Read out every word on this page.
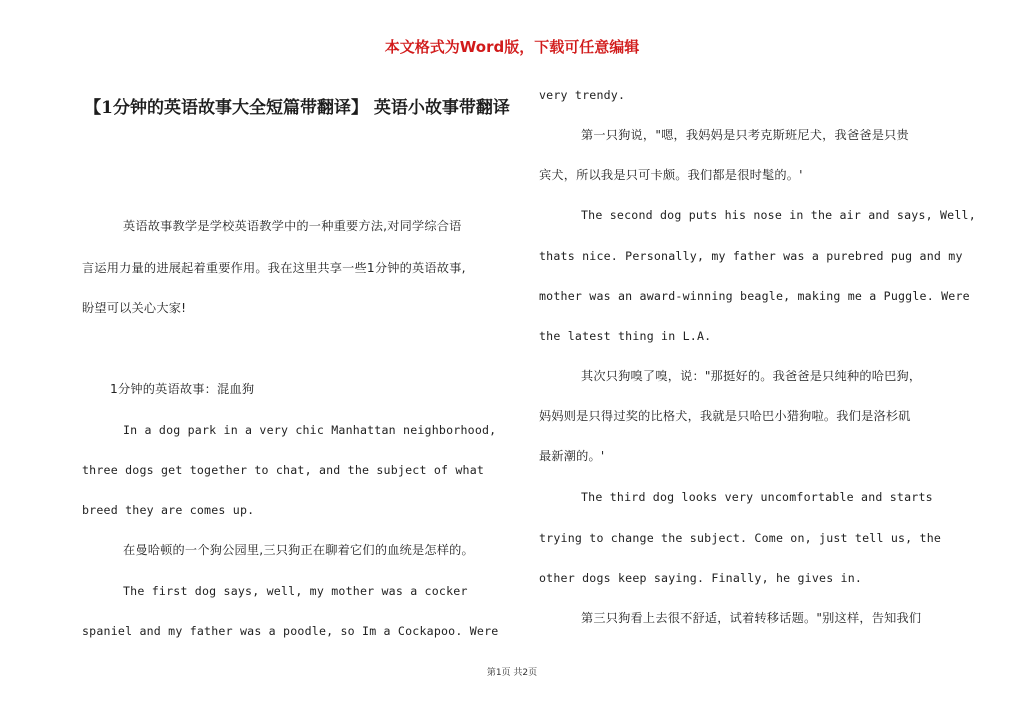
本文格式为Word版，下载可任意编辑
【1分钟的英语故事大全短篇带翻译】 英语小故事带翻译
英语故事教学是学校英语教学中的一种重要方法,对同学综合语
言运用力量的进展起着重要作用。我在这里共享一些1分钟的英语故事,
盼望可以关心大家!
1分钟的英语故事：混血狗
In a dog park in a very chic Manhattan neighborhood,
three dogs get together to chat, and the subject of what
breed they are comes up.
在曼哈顿的一个狗公园里,三只狗正在聊着它们的血统是怎样的。
The first dog says, well, my mother was a cocker
spaniel and my father was a poodle, so Im a Cockapoo. Were
very trendy.
第一只狗说，"嗯，我妈妈是只考克斯班尼犬，我爸爸是只贵
宾犬，所以我是只可卡颇。我们都是很时髦的。'
The second dog puts his nose in the air and says, Well,
thats nice. Personally, my father was a purebred pug and my
mother was an award-winning beagle, making me a Puggle. Were
the latest thing in L.A.
其次只狗嗅了嗅，说："那挺好的。我爸爸是只纯种的哈巴狗，
妈妈则是只得过奖的比格犬，我就是只哈巴小猎狗啦。我们是洛杉矶
最新潮的。'
The third dog looks very uncomfortable and starts
trying to change the subject. Come on, just tell us, the
other dogs keep saying. Finally, he gives in.
第三只狗看上去很不舒适，试着转移话题。"别这样，告知我们
第1页 共2页
